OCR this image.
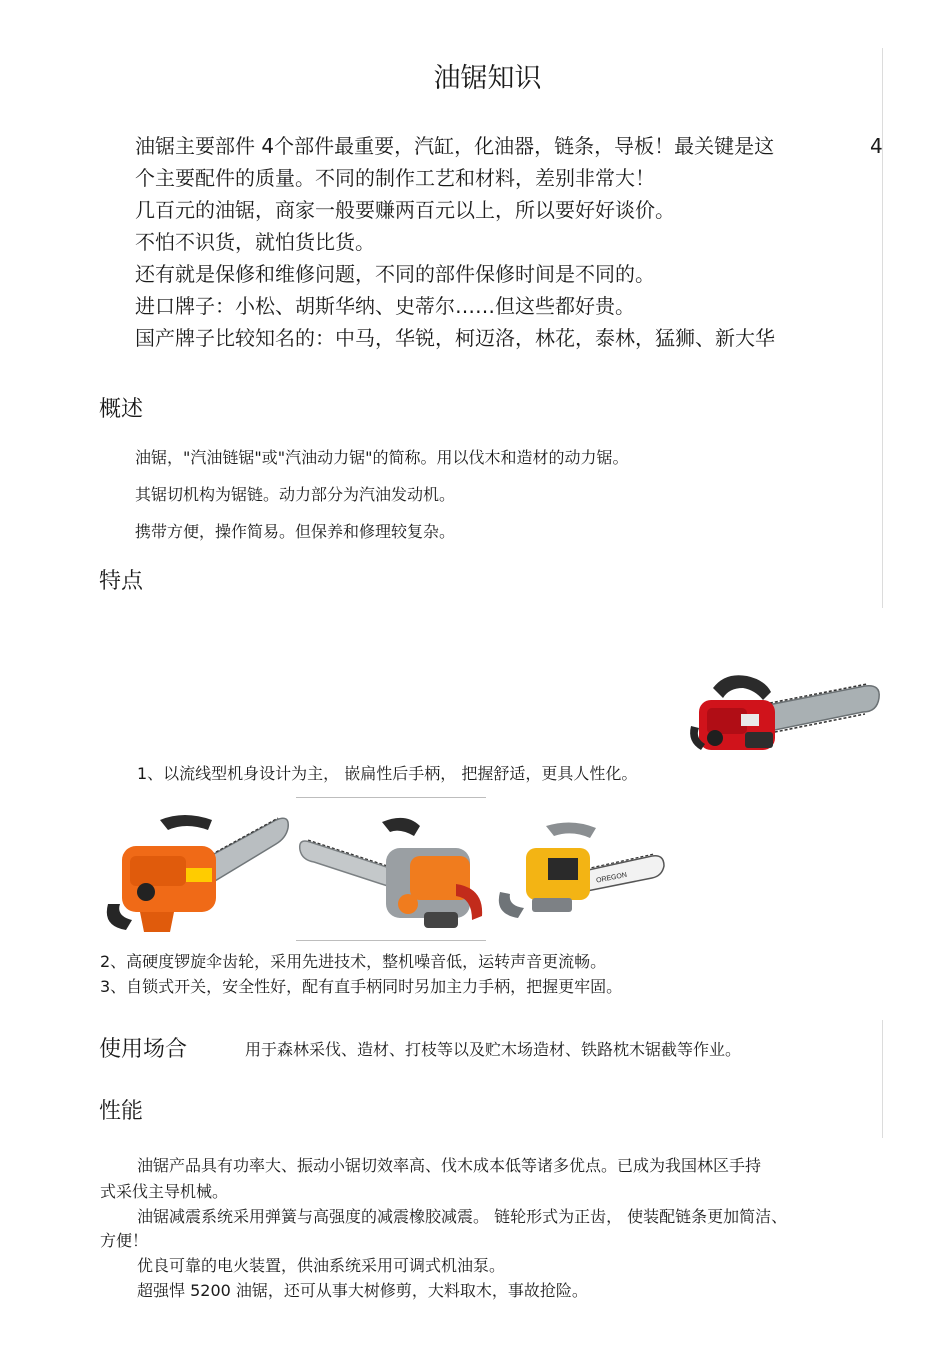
油锯知识
油锯主要部件 4个部件最重要，汽缸，化油器，链条，导板！最关键是这	4
个主要配件的质量。不同的制作工艺和材料，差别非常大！
几百元的油锯，商家一般要赚两百元以上，所以要好好谈价。
不怕不识货，就怕货比货。
还有就是保修和维修问题，不同的部件保修时间是不同的。
进口牌子：小松、胡斯华纳、史蒂尔……但这些都好贵。
国产牌子比较知名的：中马，华锐，柯迈洛，林花，泰林，猛狮、新大华
概述
油锯，"汽油链锯"或"汽油动力锯"的简称。用以伐木和造材的动力锯。
其锯切机构为锯链。动力部分为汽油发动机。
携带方便，操作简易。但保养和修理较复杂。
特点
1、以流线型机身设计为主， 嵌扁性后手柄， 把握舒适，更具人性化。
OREGON
2、高硬度锣旋伞齿轮，采用先进技术，整机噪音低，运转声音更流畅。
3、自锁式开关，安全性好，配有直手柄同时另加主力手柄，把握更牢固。
使用场合	用于森林采伐、造材、打枝等以及贮木场造材、铁路枕木锯截等作业。
性能
油锯产品具有功率大、振动小锯切效率高、伐木成本低等诸多优点。已成为我国林区手持
式采伐主导机械。
油锯减震系统采用弹簧与高强度的减震橡胶减震。 链轮形式为正齿， 使装配链条更加简洁、
方便！
优良可靠的电火装置，供油系统采用可调式机油泵。
超强悍 5200 油锯，还可从事大树修剪，大料取木，事故抢险。
